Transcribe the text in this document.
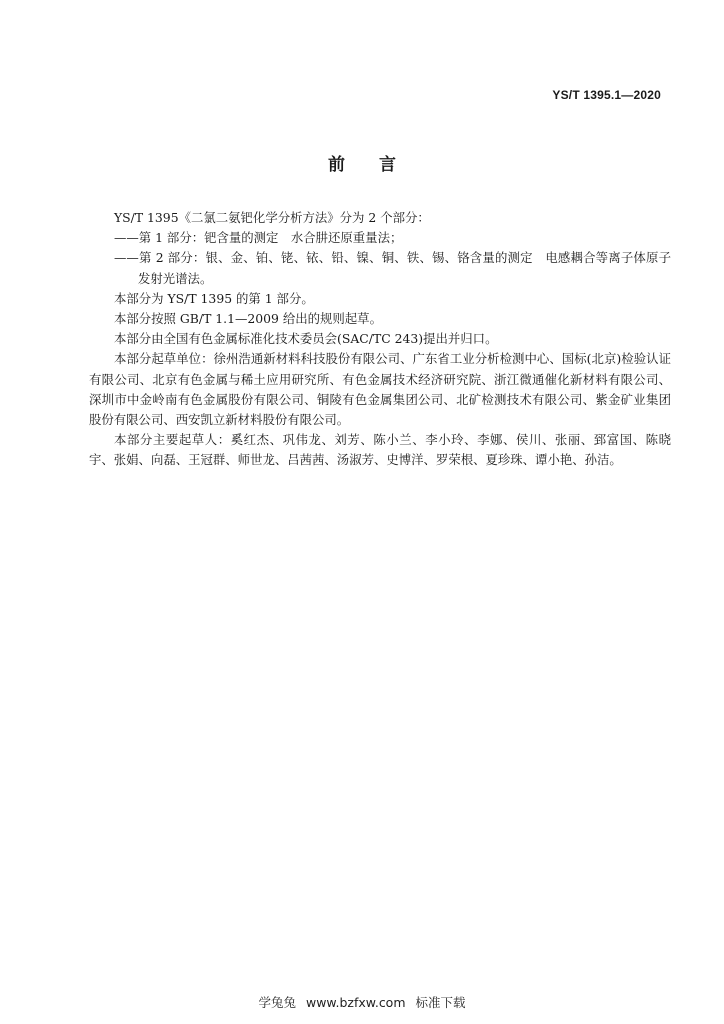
YS/T 1395.1—2020
前言

YS/T 1395《二氯二氨钯化学分析方法》分为 2 个部分：

——第 1 部分：钯含量的测定　水合肼还原重量法；

——第 2 部分：银、金、铂、铑、铱、铅、镍、铜、铁、锡、铬含量的测定　电感耦合等离子体原子发射光谱法。

本部分为 YS/T 1395 的第 1 部分。

本部分按照 GB/T 1.1—2009 给出的规则起草。

本部分由全国有色金属标准化技术委员会(SAC/TC 243)提出并归口。

本部分起草单位：徐州浩通新材料科技股份有限公司、广东省工业分析检测中心、国标(北京)检验认证有限公司、北京有色金属与稀土应用研究所、有色金属技术经济研究院、浙江微通催化新材料有限公司、深圳市中金岭南有色金属股份有限公司、铜陵有色金属集团公司、北矿检测技术有限公司、紫金矿业集团股份有限公司、西安凯立新材料股份有限公司。

本部分主要起草人：奚红杰、巩伟龙、刘芳、陈小兰、李小玲、李娜、侯川、张丽、郅富国、陈晓宇、张娟、向磊、王冠群、师世龙、吕茜茜、汤淑芳、史博洋、罗荣根、夏珍珠、谭小艳、孙洁。

学兔兔 www.bzfxw.com 标准下载
